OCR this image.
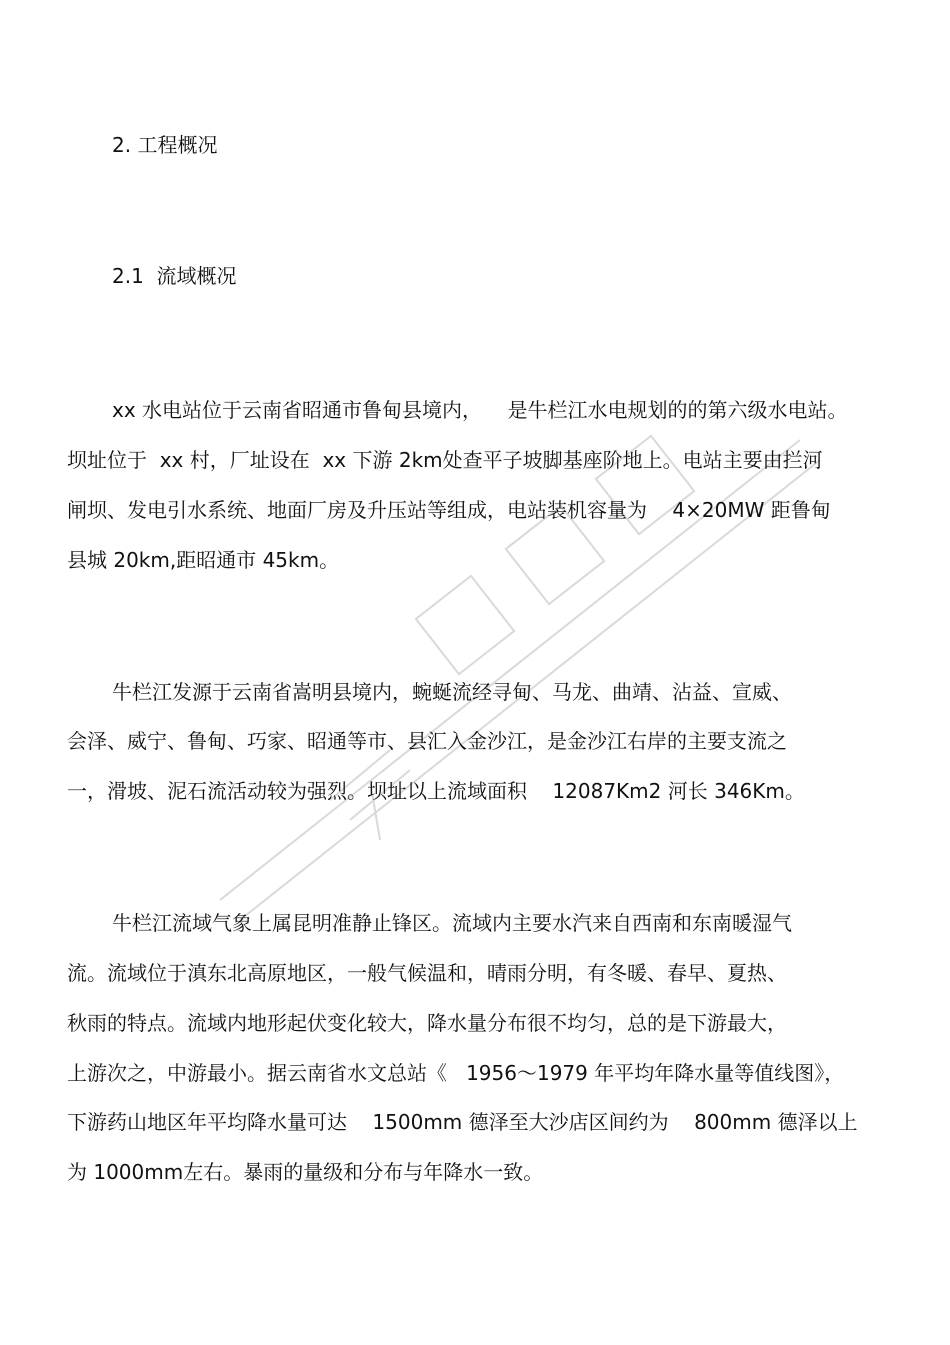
2. 工程概况
2.1  流域概况
xx 水电站位于云南省昭通市鲁甸县境内，    是牛栏江水电规划的的第六级水电站。
坝址位于  xx 村，厂址设在  xx 下游 2km处查平子坡脚基座阶地上。电站主要由拦河
闸坝、发电引水系统、地面厂房及升压站等组成，电站装机容量为    4×20MW 距鲁甸
县城 20km,距昭通市 45km。
牛栏江发源于云南省嵩明县境内，蜿蜒流经寻甸、马龙、曲靖、沾益、宣威、
会泽、威宁、鲁甸、巧家、昭通等市、县汇入金沙江，是金沙江右岸的主要支流之
一，滑坡、泥石流活动较为强烈。坝址以上流域面积    12087Km2 河长 346Km。
牛栏江流域气象上属昆明准静止锋区。流域内主要水汽来自西南和东南暖湿气
流。流域位于滇东北高原地区，一般气候温和，晴雨分明，有冬暖、春早、夏热、
秋雨的特点。流域内地形起伏变化较大，降水量分布很不均匀，总的是下游最大，
上游次之，中游最小。据云南省水文总站《   1956～1979 年平均年降水量等值线图》，
下游药山地区年平均降水量可达    1500mm 德泽至大沙店区间约为    800mm 德泽以上
为 1000mm左右。暴雨的量级和分布与年降水一致。
